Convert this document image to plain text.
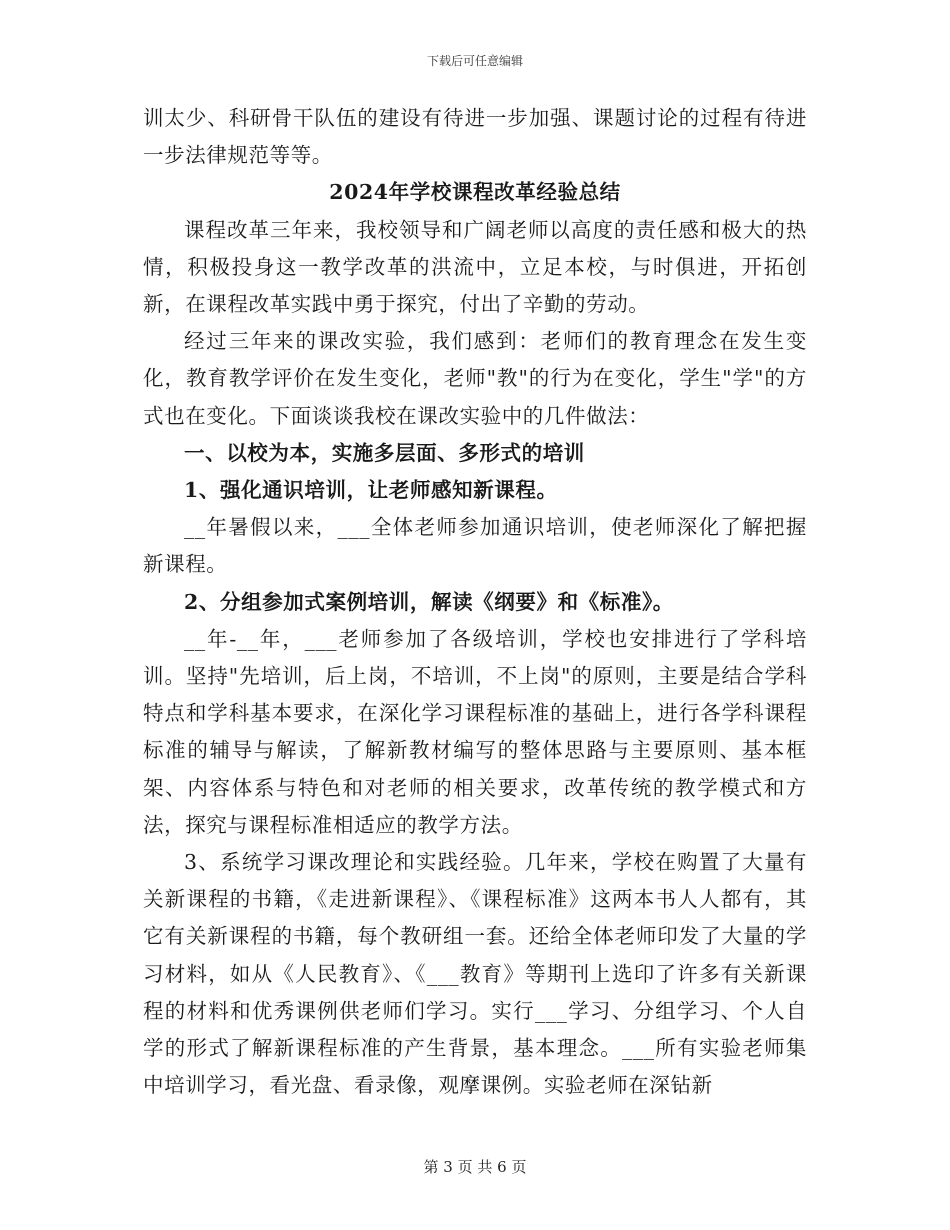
下载后可任意编辑

训太少、科研骨干队伍的建设有待进一步加强、课题讨论的过程有待进一步法律规范等等。

2024年学校课程改革经验总结

课程改革三年来，我校领导和广阔老师以高度的责任感和极大的热情，积极投身这一教学改革的洪流中，立足本校，与时俱进，开拓创新，在课程改革实践中勇于探究，付出了辛勤的劳动。

经过三年来的课改实验，我们感到：老师们的教育理念在发生变化，教育教学评价在发生变化，老师"教"的行为在变化，学生"学"的方式也在变化。下面谈谈我校在课改实验中的几件做法：

一、以校为本，实施多层面、多形式的培训

1、强化通识培训，让老师感知新课程。

__年暑假以来，___全体老师参加通识培训，使老师深化了解把握新课程。

2、分组参加式案例培训，解读《纲要》和《标准》。

__年-__年，___老师参加了各级培训，学校也安排进行了学科培训。坚持"先培训，后上岗，不培训，不上岗"的原则，主要是结合学科特点和学科基本要求，在深化学习课程标准的基础上，进行各学科课程标准的辅导与解读，了解新教材编写的整体思路与主要原则、基本框架、内容体系与特色和对老师的相关要求，改革传统的教学模式和方法，探究与课程标准相适应的教学方法。

3、系统学习课改理论和实践经验。几年来，学校在购置了大量有关新课程的书籍，《走进新课程》、《课程标准》这两本书人人都有，其它有关新课程的书籍，每个教研组一套。还给全体老师印发了大量的学习材料，如从《人民教育》、《___教育》等期刊上选印了许多有关新课程的材料和优秀课例供老师们学习。实行___学习、分组学习、个人自学的形式了解新课程标准的产生背景，基本理念。___所有实验老师集中培训学习，看光盘、看录像，观摩课例。实验老师在深钻新

第 3 页 共 6 页
